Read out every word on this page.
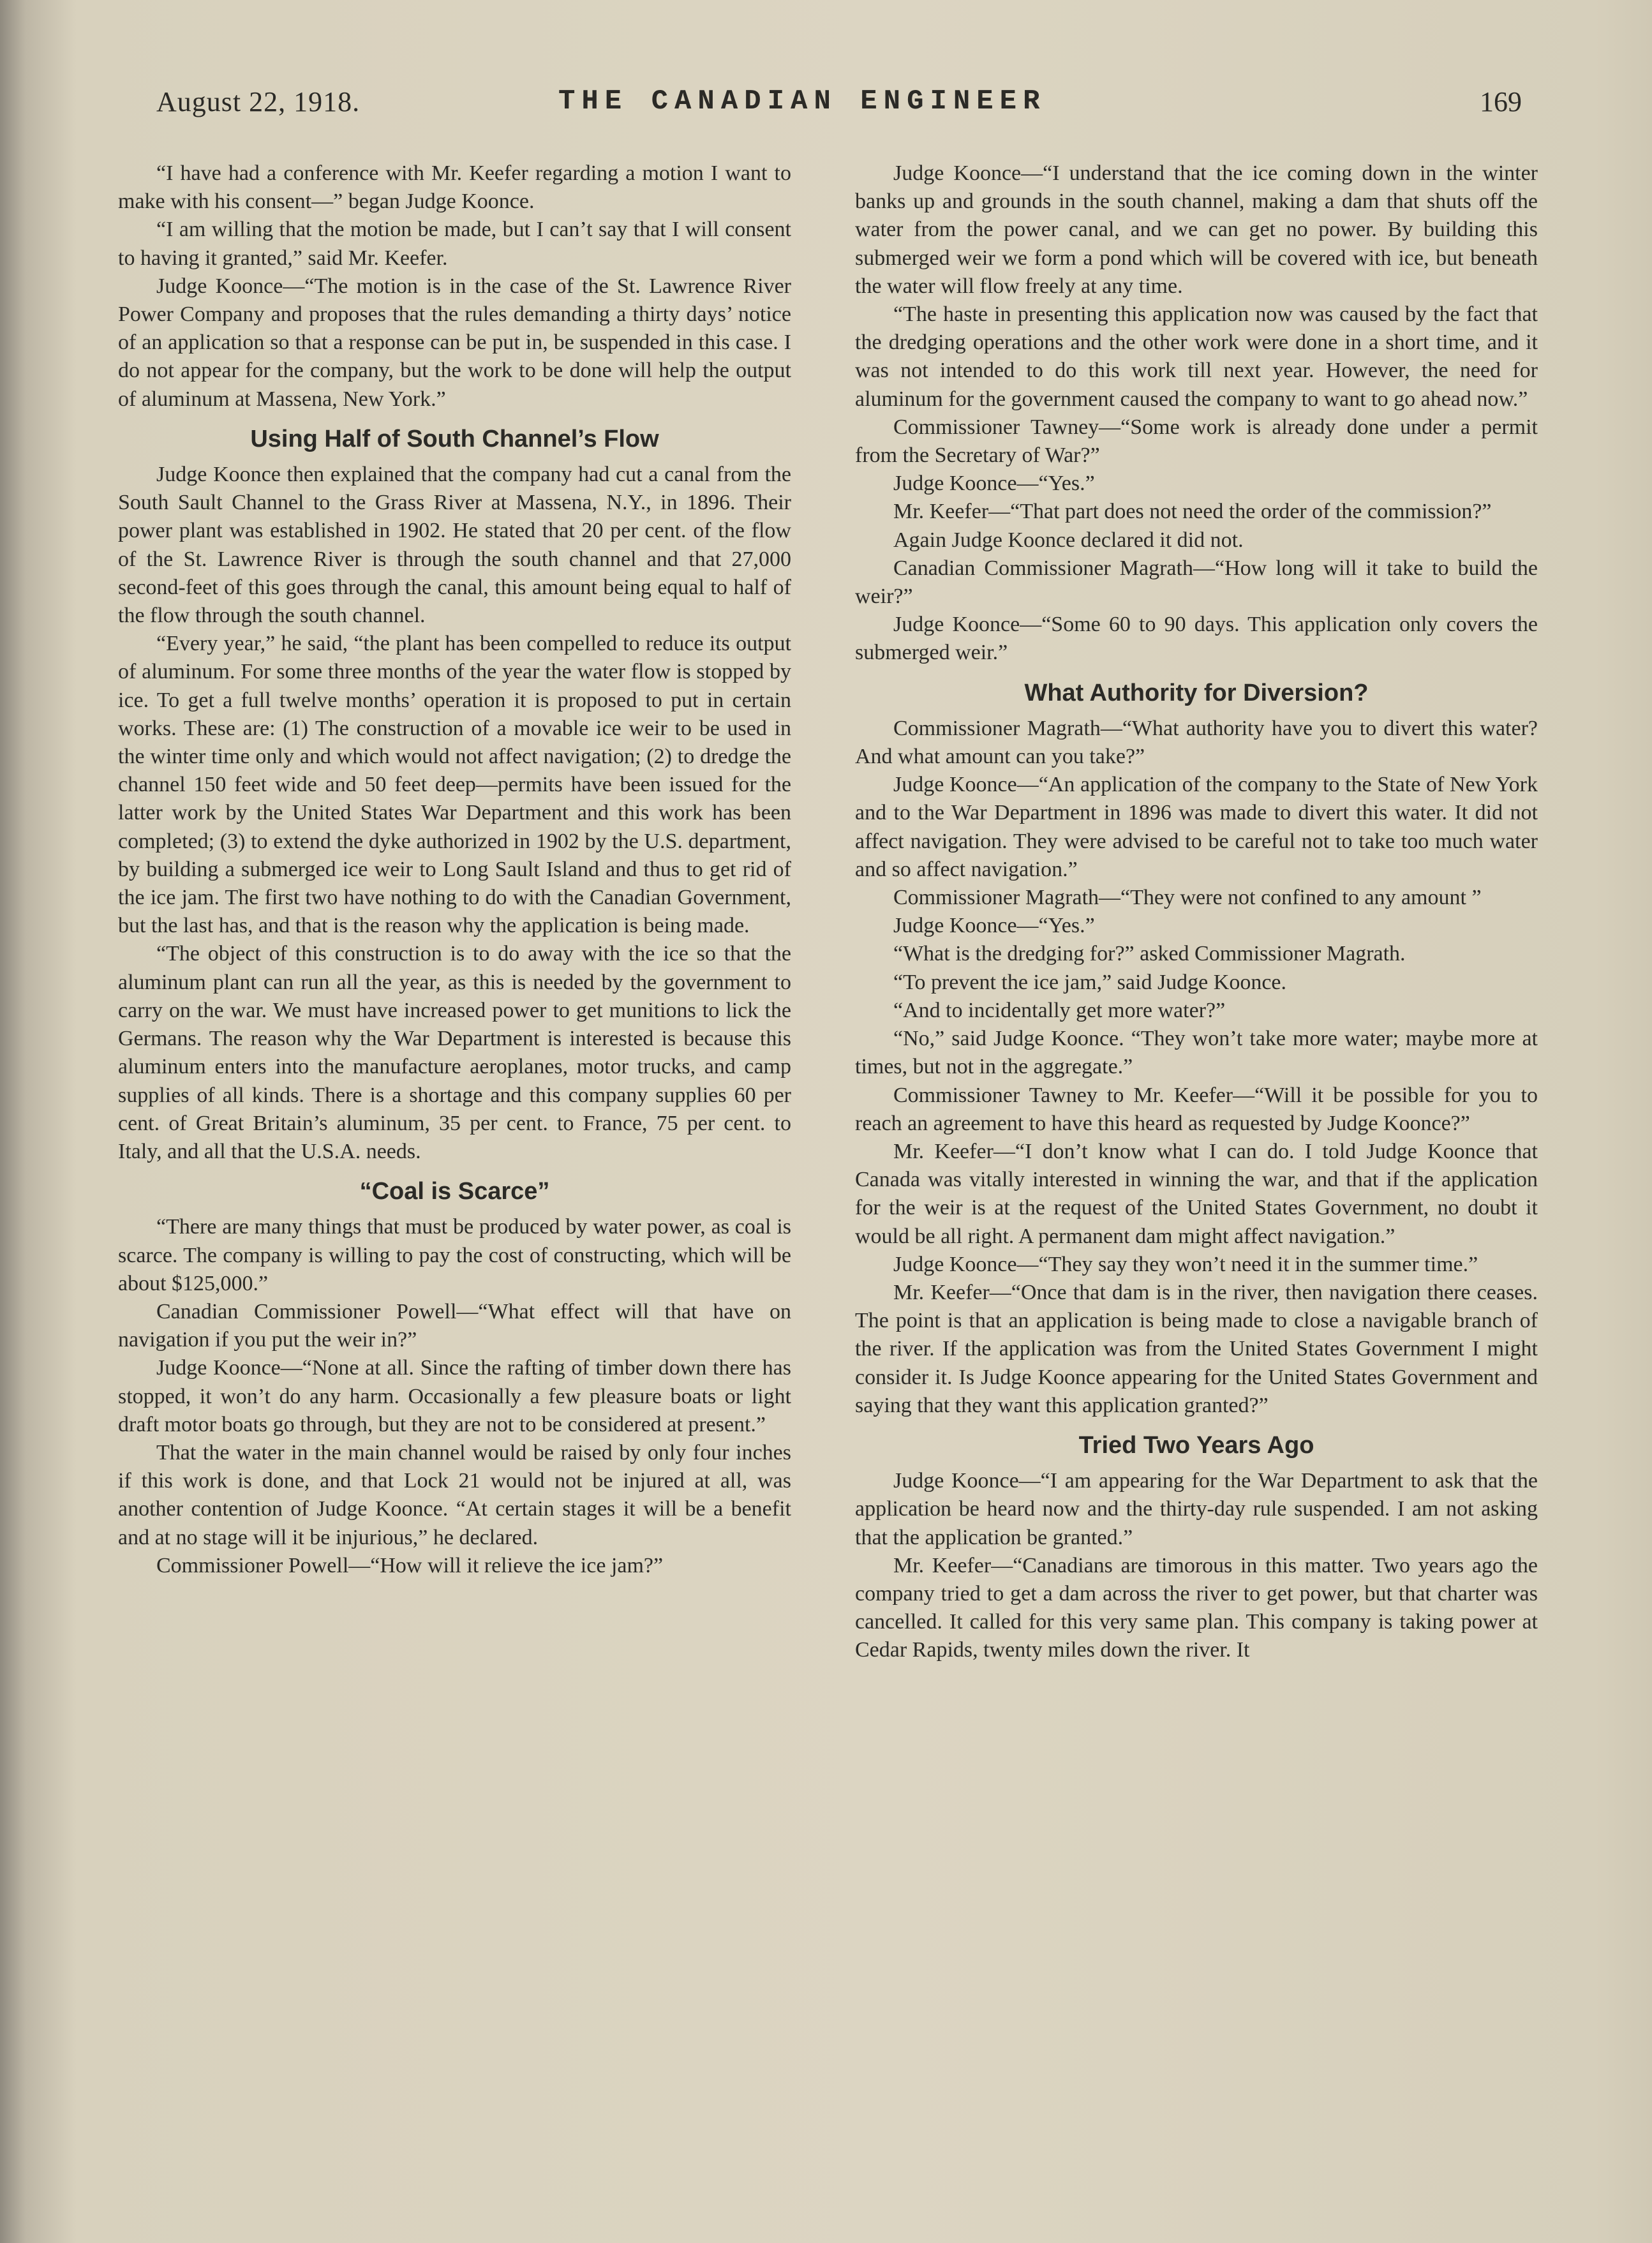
August 22, 1918.	THE CANADIAN ENGINEER	169

“I have had a conference with Mr. Keefer regarding a motion I want to make with his consent—” began Judge Koonce.

“I am willing that the motion be made, but I can’t say that I will consent to having it granted,” said Mr. Keefer.

Judge Koonce—“The motion is in the case of the St. Lawrence River Power Company and proposes that the rules demanding a thirty days’ notice of an application so that a response can be put in, be suspended in this case. I do not appear for the company, but the work to be done will help the output of aluminum at Massena, New York.”

Using Half of South Channel’s Flow

Judge Koonce then explained that the company had cut a canal from the South Sault Channel to the Grass River at Massena, N.Y., in 1896. Their power plant was established in 1902. He stated that 20 per cent. of the flow of the St. Lawrence River is through the south channel and that 27,000 second-feet of this goes through the canal, this amount being equal to half of the flow through the south channel.

“Every year,” he said, “the plant has been compelled to reduce its output of aluminum. For some three months of the year the water flow is stopped by ice. To get a full twelve months’ operation it is proposed to put in certain works. These are: (1) The construction of a movable ice weir to be used in the winter time only and which would not affect navigation; (2) to dredge the channel 150 feet wide and 50 feet deep—permits have been issued for the latter work by the United States War Department and this work has been completed; (3) to extend the dyke authorized in 1902 by the U.S. department, by building a submerged ice weir to Long Sault Island and thus to get rid of the ice jam. The first two have nothing to do with the Canadian Government, but the last has, and that is the reason why the application is being made.

“The object of this construction is to do away with the ice so that the aluminum plant can run all the year, as this is needed by the government to carry on the war. We must have increased power to get munitions to lick the Germans. The reason why the War Department is interested is because this aluminum enters into the manufacture aeroplanes, motor trucks, and camp supplies of all kinds. There is a shortage and this company supplies 60 per cent. of Great Britain’s aluminum, 35 per cent. to France, 75 per cent. to Italy, and all that the U.S.A. needs.

“Coal is Scarce”

“There are many things that must be produced by water power, as coal is scarce. The company is willing to pay the cost of constructing, which will be about $125,000.”

Canadian Commissioner Powell—“What effect will that have on navigation if you put the weir in?”

Judge Koonce—“None at all. Since the rafting of timber down there has stopped, it won’t do any harm. Occasionally a few pleasure boats or light draft motor boats go through, but they are not to be considered at present.”

That the water in the main channel would be raised by only four inches if this work is done, and that Lock 21 would not be injured at all, was another contention of Judge Koonce. “At certain stages it will be a benefit and at no stage will it be injurious,” he declared.

Commissioner Powell—“How will it relieve the ice jam?”

Judge Koonce—“I understand that the ice coming down in the winter banks up and grounds in the south channel, making a dam that shuts off the water from the power canal, and we can get no power. By building this submerged weir we form a pond which will be covered with ice, but beneath the water will flow freely at any time.

“The haste in presenting this application now was caused by the fact that the dredging operations and the other work were done in a short time, and it was not intended to do this work till next year. However, the need for aluminum for the government caused the company to want to go ahead now.”

Commissioner Tawney—“Some work is already done under a permit from the Secretary of War?”

Judge Koonce—“Yes.”

Mr. Keefer—“That part does not need the order of the commission?”

Again Judge Koonce declared it did not.

Canadian Commissioner Magrath—“How long will it take to build the weir?”

Judge Koonce—“Some 60 to 90 days. This application only covers the submerged weir.”

What Authority for Diversion?

Commissioner Magrath—“What authority have you to divert this water? And what amount can you take?”

Judge Koonce—“An application of the company to the State of New York and to the War Department in 1896 was made to divert this water. It did not affect navigation. They were advised to be careful not to take too much water and so affect navigation.”

Commissioner Magrath—“They were not confined to any amount ”

Judge Koonce—“Yes.”

“What is the dredging for?” asked Commissioner Magrath.

“To prevent the ice jam,” said Judge Koonce.

“And to incidentally get more water?”

“No,” said Judge Koonce. “They won’t take more water; maybe more at times, but not in the aggregate.”

Commissioner Tawney to Mr. Keefer—“Will it be possible for you to reach an agreement to have this heard as requested by Judge Koonce?”

Mr. Keefer—“I don’t know what I can do. I told Judge Koonce that Canada was vitally interested in winning the war, and that if the application for the weir is at the request of the United States Government, no doubt it would be all right. A permanent dam might affect navigation.”

Judge Koonce—“They say they won’t need it in the summer time.”

Mr. Keefer—“Once that dam is in the river, then navigation there ceases. The point is that an application is being made to close a navigable branch of the river. If the application was from the United States Government I might consider it. Is Judge Koonce appearing for the United States Government and saying that they want this application granted?”

Tried Two Years Ago

Judge Koonce—“I am appearing for the War Department to ask that the application be heard now and the thirty-day rule suspended. I am not asking that the application be granted.”

Mr. Keefer—“Canadians are timorous in this matter. Two years ago the company tried to get a dam across the river to get power, but that charter was cancelled. It called for this very same plan. This company is taking power at Cedar Rapids, twenty miles down the river. It
